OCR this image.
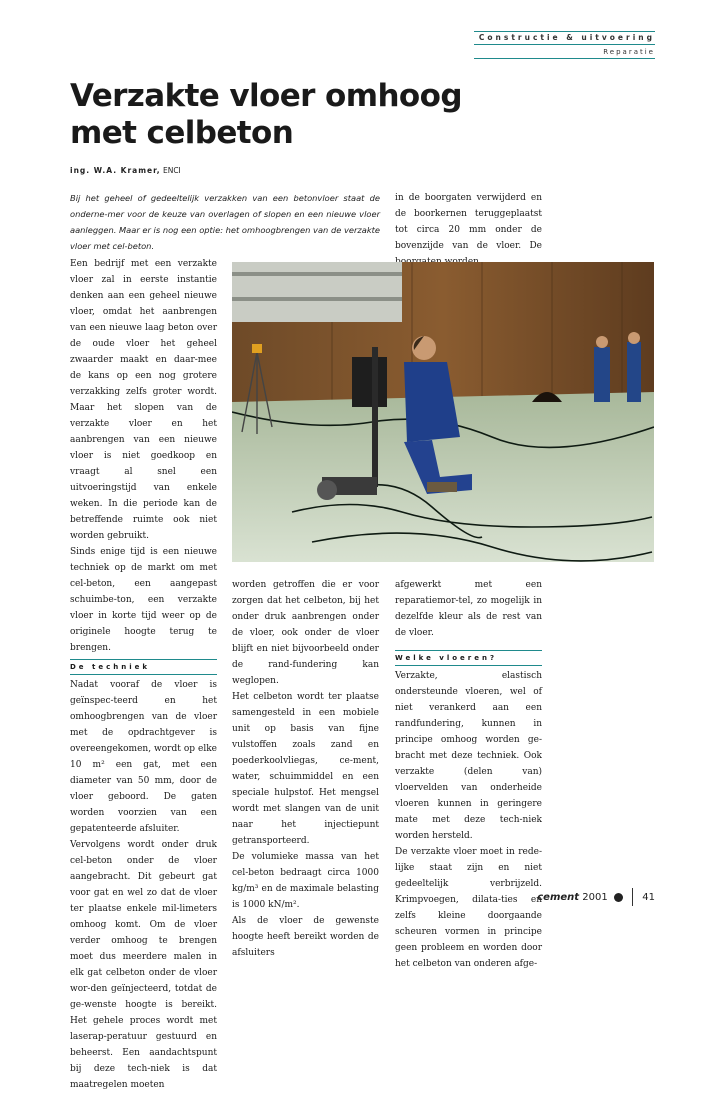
Constructie & uitvoering
Reparatie
Verzakte vloer omhoog
met celbeton
ing. W.A. Kramer, ENCI
Bij het geheel of gedeeltelijk verzakken van een betonvloer staat de onderne-mer voor de keuze van overlagen of slopen en een nieuwe vloer aanleggen. Maar er is nog een optie: het omhoogbrengen van de verzakte vloer met cel-beton.

Een bedrijf met een verzakte vloer zal in eerste instantie denken aan een geheel nieuwe vloer, omdat het aanbrengen van een nieuwe laag beton over de oude vloer het geheel zwaarder maakt en daar-mee de kans op een nog grotere verzakking zelfs groter wordt. Maar het slopen van de verzakte vloer en het aanbrengen van een nieuwe vloer is niet goedkoop en vraagt al snel een uitvoeringstijd van enkele weken. In die periode kan de betreffende ruimte ook niet worden gebruikt.

Sinds enige tijd is een nieuwe techniek op de markt om met cel-beton, een aangepast schuimbe-ton, een verzakte vloer in korte tijd weer op de originele hoogte terug te brengen.

De techniek

Nadat vooraf de vloer is geïnspec-teerd en het omhoogbrengen van de vloer met de opdrachtgever is overeengekomen, wordt op elke 10 m² een gat, met een diameter van 50 mm, door de vloer geboord. De gaten worden voorzien van een gepatenteerde afsluiter.

Vervolgens wordt onder druk cel-beton onder de vloer aangebracht. Dit gebeurt gat voor gat en wel zo dat de vloer ter plaatse enkele mil-limeters omhoog komt. Om de vloer verder omhoog te brengen moet dus meerdere malen in elk gat celbeton onder de vloer wor-den geïnjecteerd, totdat de ge-wenste hoogte is bereikt. Het gehele proces wordt met laserap-peratuur gestuurd en beheerst. Een aandachtspunt bij deze tech-niek is dat maatregelen moeten

in de boorgaten verwijderd en de boorkernen teruggeplaatst tot circa 20 mm onder de bovenzijde van de vloer. De

worden getroffen die er voor zorgen dat het celbeton, bij het onder druk aanbrengen onder de vloer, ook onder de vloer blijft en niet bijvoorbeeld onder de rand-fundering kan weglopen.

Het celbeton wordt ter plaatse samengesteld in een mobiele unit op basis van fijne vulstoffen zoals zand en poederkoolvliegas, ce-ment, water, schuimmiddel en een speciale hulpstof. Het mengsel wordt met slangen van de unit naar het injectiepunt getransporteerd.

De volumieke massa van het cel-beton bedraagt circa 1000 kg/m³ en de maximale belasting is 1000 kN/m².

Als de vloer de gewenste hoogte heeft bereikt worden de afsluiters

afgewerkt met een reparatiemor-tel, zo mogelijk in dezelfde kleur als de rest van de vloer.

Welke vloeren?

Verzakte, elastisch ondersteunde vloeren, wel of niet verankerd aan een randfundering, kunnen in principe omhoog worden ge-bracht met deze techniek. Ook verzakte (delen van) vloervelden van onderheide vloeren kunnen in geringere mate met deze tech-niek worden hersteld.

De verzakte vloer moet in rede-lijke staat zijn en niet gedeeltelijk verbrijzeld. Krimpvoegen, dilata-ties en zelfs kleine doorgaande scheuren vormen in principe geen probleem en worden door het celbeton van onderen afge-

cement 2001	41
